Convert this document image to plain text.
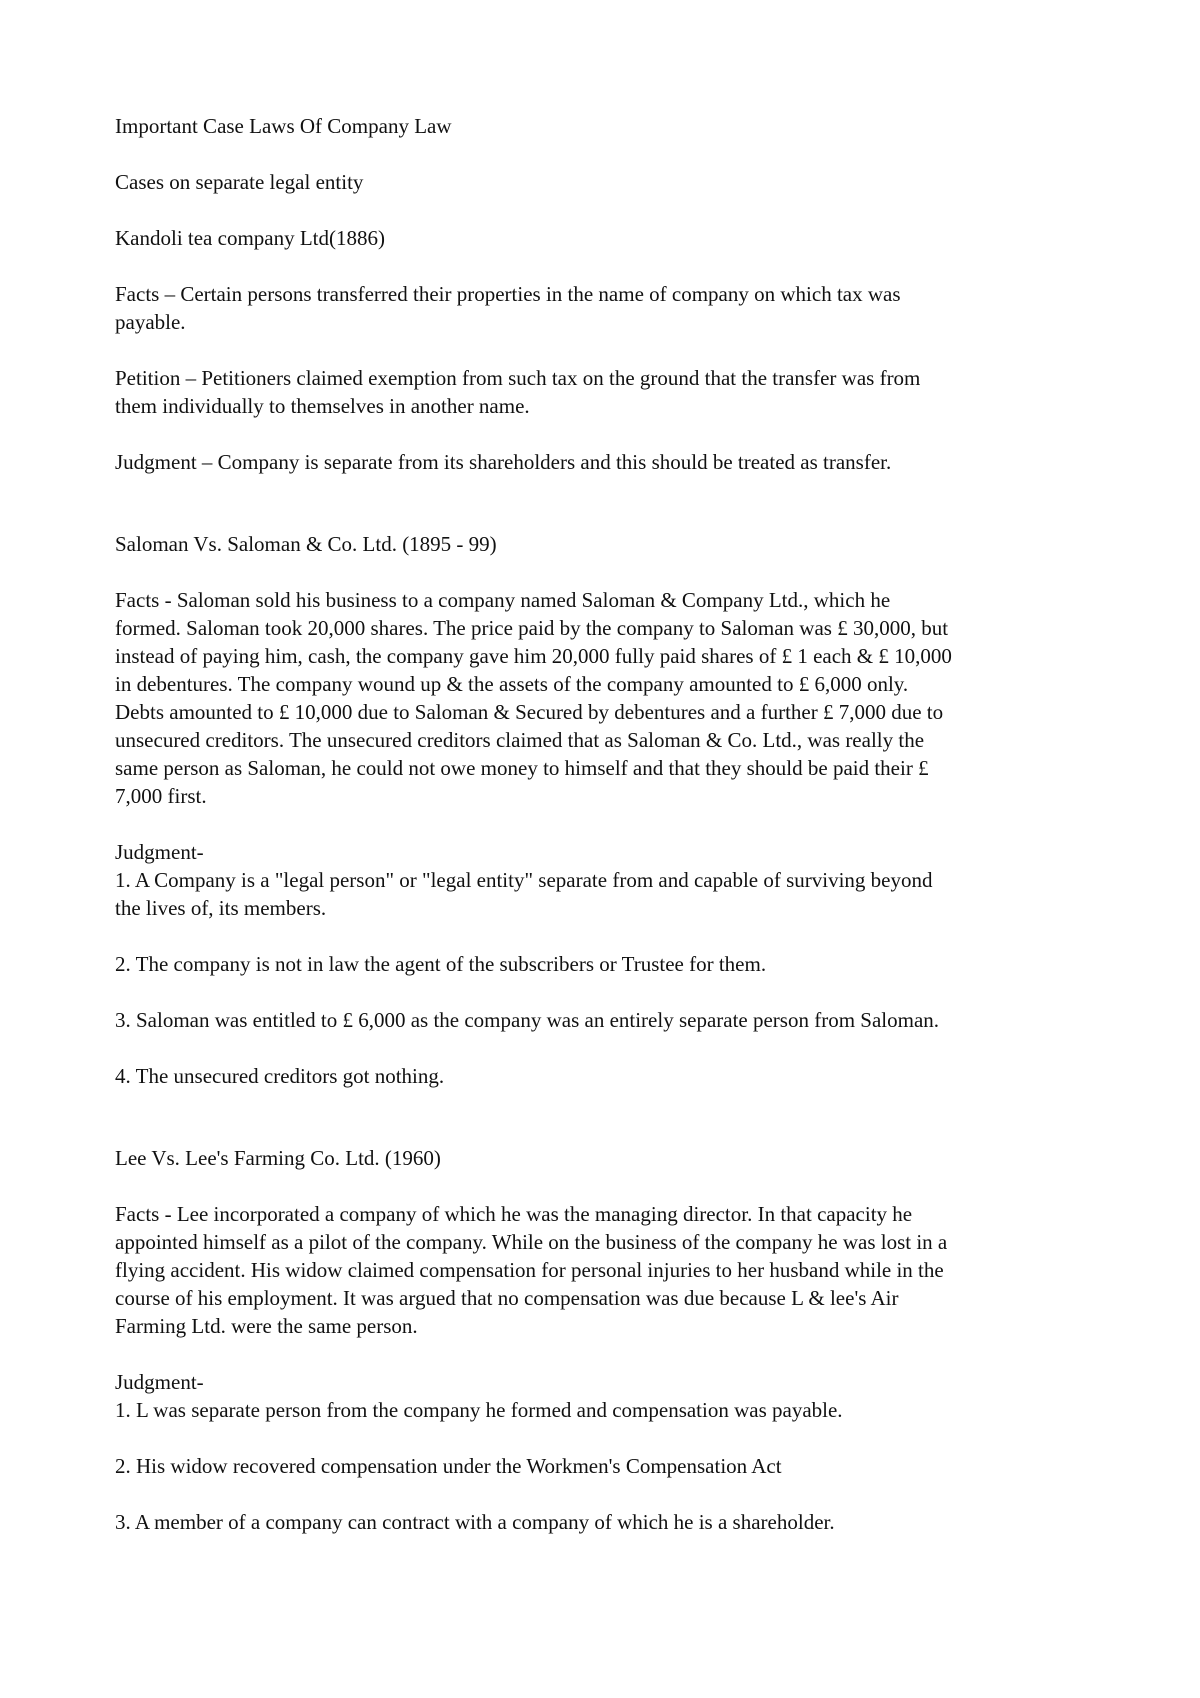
Important Case Laws Of Company Law

Cases on separate legal entity

Kandoli tea company Ltd(1886)

Facts – Certain persons transferred their properties in the name of company on which tax was
payable.

Petition – Petitioners claimed exemption from such tax on the ground that the transfer was from
them individually to themselves in another name.

Judgment – Company is separate from its shareholders and this should be treated as transfer.

Saloman Vs. Saloman & Co. Ltd. (1895 - 99)

Facts - Saloman sold his business to a company named Saloman & Company Ltd., which he
formed. Saloman took 20,000 shares. The price paid by the company to Saloman was £ 30,000, but
instead of paying him, cash, the company gave him 20,000 fully paid shares of £ 1 each & £ 10,000
in debentures. The company wound up & the assets of the company amounted to £ 6,000 only.
Debts amounted to £ 10,000 due to Saloman & Secured by debentures and a further £ 7,000 due to
unsecured creditors. The unsecured creditors claimed that as Saloman & Co. Ltd., was really the
same person as Saloman, he could not owe money to himself and that they should be paid their £
7,000 first.

Judgment-

1. A Company is a "legal person" or "legal entity" separate from and capable of surviving beyond
the lives of, its members.

2. The company is not in law the agent of the subscribers or Trustee for them.

3. Saloman was entitled to £ 6,000 as the company was an entirely separate person from Saloman.

4. The unsecured creditors got nothing.

Lee Vs. Lee's Farming Co. Ltd. (1960)

Facts - Lee incorporated a company of which he was the managing director. In that capacity he
appointed himself as a pilot of the company. While on the business of the company he was lost in a
flying accident. His widow claimed compensation for personal injuries to her husband while in the
course of his employment. It was argued that no compensation was due because L & lee's Air
Farming Ltd. were the same person.

Judgment-

1. L was separate person from the company he formed and compensation was payable.

2. His widow recovered compensation under the Workmen's Compensation Act

3. A member of a company can contract with a company of which he is a shareholder.
